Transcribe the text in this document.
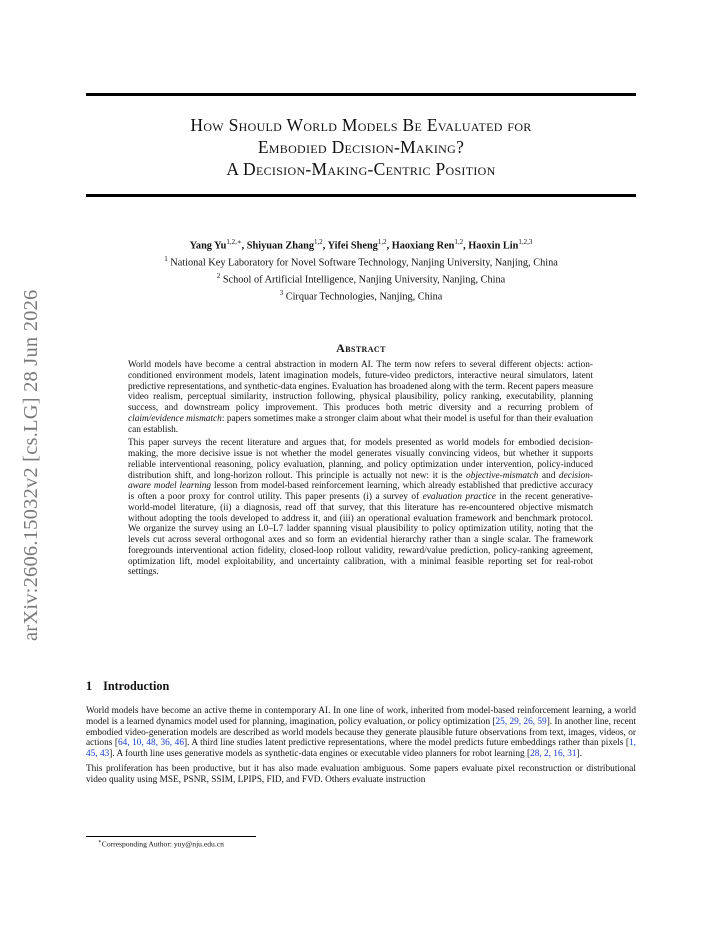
arXiv:2606.15032v2 [cs.LG] 28 Jun 2026
How Should World Models Be Evaluated for
Embodied Decision-Making?
A Decision-Making-Centric Position
Yang $Yu^{1,2,∗}$, Shiyuan Zhang$^{1,2}$, Yifei Sheng$^{1,2}$, Haoxiang Ren$^{1,2}$, Haoxin Lin$^{1,2,3}$
$^1$ National Key Laboratory for Novel Software Technology, Nanjing University, Nanjing, China
$^2$ School of Artificial Intelligence, Nanjing University, Nanjing, China
$^3$ Cirquar Technologies, Nanjing, China
Abstract

World models have become a central abstraction in modern AI. The term now refers to several different objects: action-conditioned environment models, latent imagination models, future-video predictors, interactive neural simulators, latent predictive representations, and synthetic-data engines. Evaluation has broadened along with the term. Recent papers measure video realism, perceptual similarity, instruction following, physical plausibility, policy ranking, executability, planning success, and downstream policy improvement. This produces both metric diversity and a recurring problem of claim/evidence mismatch: papers sometimes make a stronger claim about what their model is useful for than their evaluation can establish.

This paper surveys the recent literature and argues that, for models presented as world models for embodied decision-making, the more decisive issue is not whether the model generates visually convincing videos, but whether it supports reliable interventional reasoning, policy evaluation, planning, and policy optimization under intervention, policy-induced distribution shift, and long-horizon rollout. This principle is actually not new: it is the objective-mismatch and decision-aware model learning lesson from model-based reinforcement learning, which already established that predictive accuracy is often a poor proxy for control utility. This paper presents (i) a survey of evaluation practice in the recent generative-world-model literature, (ii) a diagnosis, read off that survey, that this literature has re-encountered objective mismatch without adopting the tools developed to address it, and (iii) an operational evaluation framework and benchmark protocol. We organize the survey using an L0–L7 ladder spanning visual plausibility to policy optimization utility, noting that the levels cut across several orthogonal axes and so form an evidential hierarchy rather than a single scalar. The framework foregrounds interventional action fidelity, closed-loop rollout validity, reward/value prediction, policy-ranking agreement, optimization lift, model exploitability, and uncertainty calibration, with a minimal feasible reporting set for real-robot settings.

1 Introduction

World models have become an active theme in contemporary AI. In one line of work, inherited from model-based reinforcement learning, a world model is a learned dynamics model used for planning, imagination, policy evaluation, or policy optimization [25, 29, 26, 59]. In another line, recent embodied video-generation models are described as world models because they generate plausible future observations from text, images, videos, or actions [64, 10, 48, 36, 46]. A third line studies latent predictive representations, where the model predicts future embeddings rather than pixels [1, 45, 43]. A fourth line uses generative models as synthetic-data engines or executable video planners for robot learning [28, 2, 16, 31].

This proliferation has been productive, but it has also made evaluation ambiguous. Some papers evaluate pixel reconstruction or distributional video quality using MSE, PSNR, SSIM, LPIPS, FID, and FVD. Others evaluate instruction

∗Corresponding Author: yuy@nju.edu.cn
